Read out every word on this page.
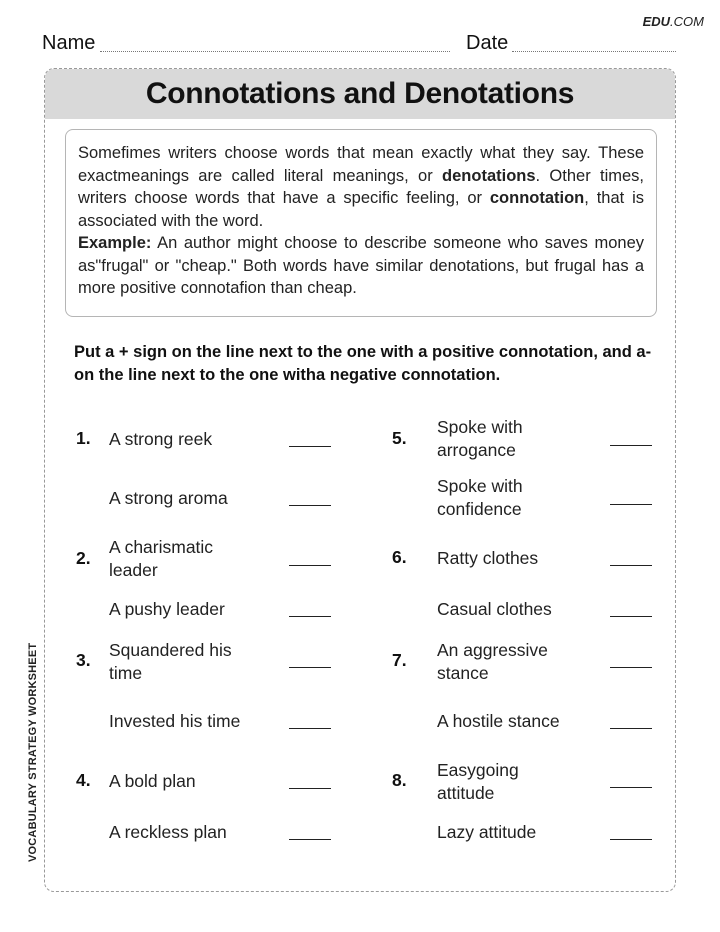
EDU.COM
Name	Date
VOCABULARY STRATEGY WORKSHEET
Connotations and Denotations

Somefimes writers choose words that mean exactly what they say. These exactmeanings are called literal meanings, or denotations. Other times, writers choose words that have a specific feeling, or connotation, that is associated with the word.

Example: An author might choose to describe someone who saves money as"frugal" or "cheap." Both words have similar denotations, but frugal has a more positive connotafion than cheap.

Put a + sign on the line next to the one with a positive connotation, and a- on the line next to the one witha negative connotation.
1. A strong reek
A strong aroma
2.
A charismatic leader
A pushy leader
3. Squandered his time
Invested his time
4. A bold plan
A reckless plan
5.
Spoke with arrogance
Spoke with confidence
6. Ratty clothes
Casual clothes
7. An aggressive stance
A hostile stance
8. Easygoing attitude
Lazy attitude
